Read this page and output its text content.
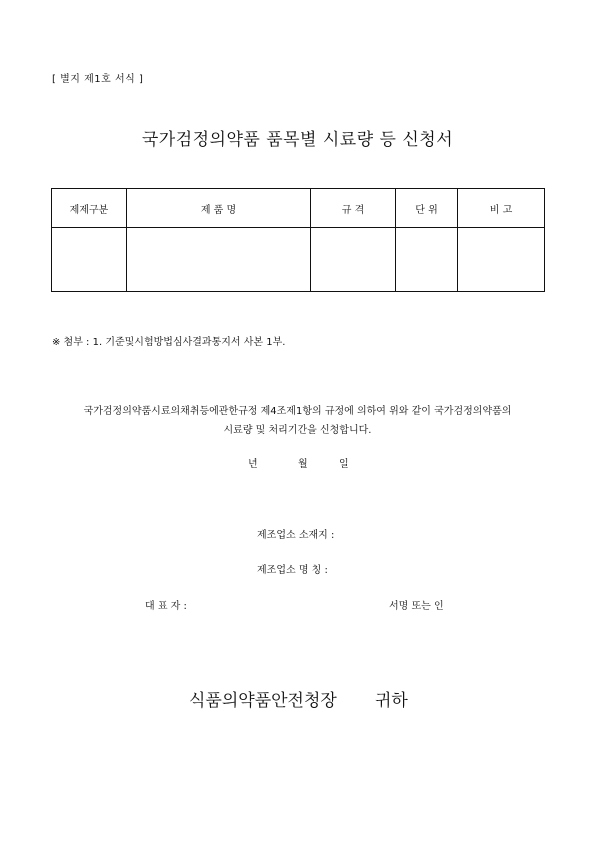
[ 별지 제1호 서식 ]
국가검정의약품 품목별 시료량 등 신청서
제제구분	제 품 명	규 격	단 위	비 고

※ 첨부 : 1. 기준및시험방법심사결과통지서 사본 1부.
국가검정의약품시료의채취등에관한규정 제4조제1항의 규정에 의하여 위와 같이 국가검정의약품의
시료량 및 처리기간을 신청합니다.
년	월	일
제조업소 소재지 :
제조업소 명 칭 :
대 표 자 :	서명 또는 인
식품의약품안전청장 귀하
